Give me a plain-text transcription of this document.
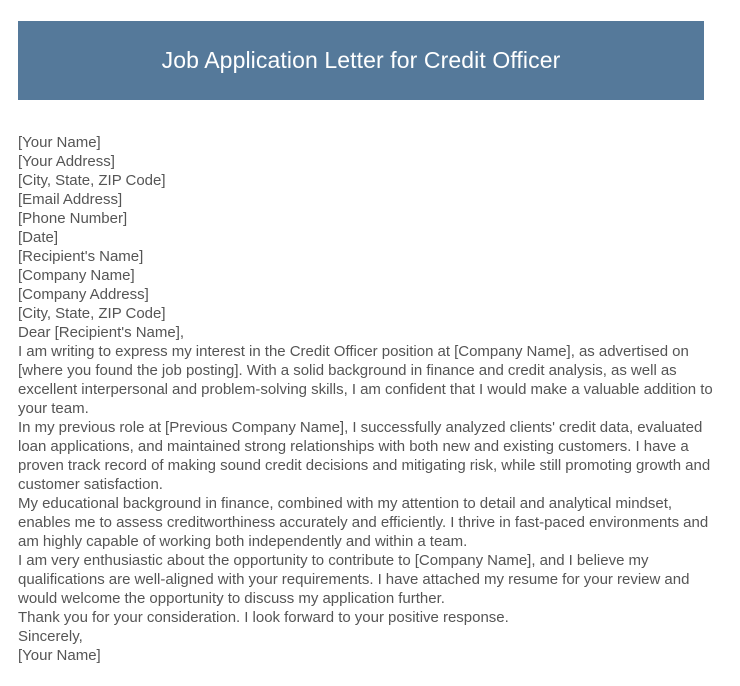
Job Application Letter for Credit Officer
[Your Name]
[Your Address]
[City, State, ZIP Code]
[Email Address]
[Phone Number]
[Date]
[Recipient's Name]
[Company Name]
[Company Address]
[City, State, ZIP Code]
Dear [Recipient's Name],

I am writing to express my interest in the Credit Officer position at [Company Name], as advertised on [where you found the job posting]. With a solid background in finance and credit analysis, as well as excellent interpersonal and problem-solving skills, I am confident that I would make a valuable addition to your team.

In my previous role at [Previous Company Name], I successfully analyzed clients' credit data, evaluated loan applications, and maintained strong relationships with both new and existing customers. I have a proven track record of making sound credit decisions and mitigating risk, while still promoting growth and customer satisfaction.

My educational background in finance, combined with my attention to detail and analytical mindset, enables me to assess creditworthiness accurately and efficiently. I thrive in fast-paced environments and am highly capable of working both independently and within a team.

I am very enthusiastic about the opportunity to contribute to [Company Name], and I believe my qualifications are well-aligned with your requirements. I have attached my resume for your review and would welcome the opportunity to discuss my application further.

Thank you for your consideration. I look forward to your positive response.

Sincerely,
[Your Name]
